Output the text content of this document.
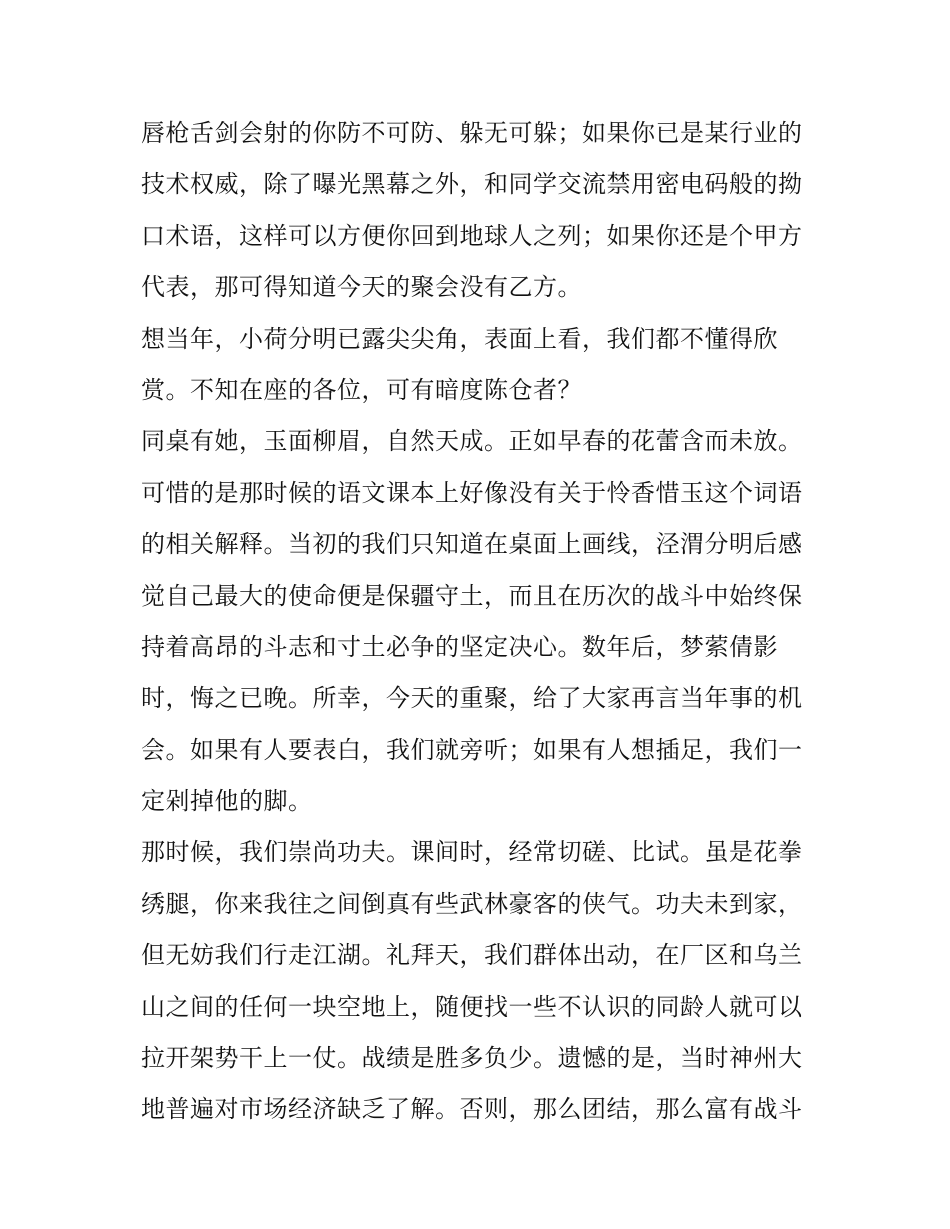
唇枪舌剑会射的你防不可防、躲无可躲；如果你已是某行业的
技术权威，除了曝光黑幕之外，和同学交流禁用密电码般的拗
口术语，这样可以方便你回到地球人之列；如果你还是个甲方
代表，那可得知道今天的聚会没有乙方。
想当年，小荷分明已露尖尖角，表面上看，我们都不懂得欣
赏。不知在座的各位，可有暗度陈仓者？
同桌有她，玉面柳眉，自然天成。正如早春的花蕾含而未放。
可惜的是那时候的语文课本上好像没有关于怜香惜玉这个词语
的相关解释。当初的我们只知道在桌面上画线，泾渭分明后感
觉自己最大的使命便是保疆守土，而且在历次的战斗中始终保
持着高昂的斗志和寸土必争的坚定决心。数年后，梦萦倩影
时，悔之已晚。所幸，今天的重聚，给了大家再言当年事的机
会。如果有人要表白，我们就旁听；如果有人想插足，我们一
定剁掉他的脚。
那时候，我们崇尚功夫。课间时，经常切磋、比试。虽是花拳
绣腿，你来我往之间倒真有些武林豪客的侠气。功夫未到家，
但无妨我们行走江湖。礼拜天，我们群体出动，在厂区和乌兰
山之间的任何一块空地上，随便找一些不认识的同龄人就可以
拉开架势干上一仗。战绩是胜多负少。遗憾的是，当时神州大
地普遍对市场经济缺乏了解。否则，那么团结，那么富有战斗
